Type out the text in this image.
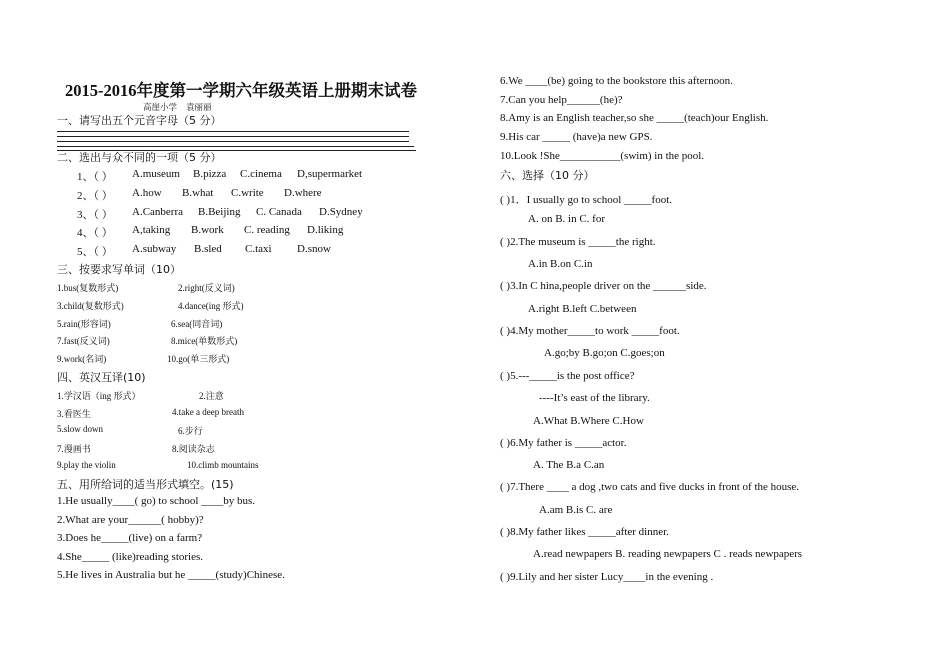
2015-2016年度第一学期六年级英语上册期末试卷
高崖小学 袁丽丽
一、请写出五个元音字母（5 分）
二、选出与众不同的一项（5 分）
1、（ ） A.museum B.pizza C.cinema D,supermarket
2、（ ） A.how B.what C.write D.where
3、（ ） A.Canberra B.Beijing C. Canada D.Sydney
4、（ ） A,taking B.work C. reading D.liking
5、（ ） A.subway B.sled C.taxi D.snow
三、按要求写单词（10）
1.bus(复数形式)	2.right(反义词)
3.child(复数形式)	4.dance(ing 形式)
5.rain(形容词)	6.sea(同音词)
7.fast(反义词)	8.mice(单数形式)
9.work(名词)	10.go(单三形式)
四、英汉互译(10)
1.学汉语（ing 形式）	2.注意
3.看医生	4.take a deep breath
5.slow down	6.步行
7.漫画书	8.阅读杂志
9.play the violin	10.climb mountains
五、用所给词的适当形式填空。(15)
1.He usually____( go) to school ____by bus.
2.What are your______( hobby)?
3.Does he_____(live) on a farm?
4.She_____ (like)reading stories.
5.He lives in Australia but he _____(study)Chinese.
6.We ____(be) going to the bookstore this afternoon.
7.Can you help______(he)?
8.Amy is an English teacher,so she _____(teach)our English.
9.His car _____ (have)a new GPS.
10.Look !She___________(swim) in the pool.
六、选择（10 分）
( )1．I usually go to school _____foot.
A. on B. in C. for
( )2.The museum is _____the right.
A.in B.on C.in
( )3.In C hina,people driver on the ______side.
A.right B.left C.between
( )4.My mother_____to work _____foot.
A.go;by B.go;on C.goes;on
( )5.---_____is the post office?
----It’s east of the library.
A.What B.Where C.How
( )6.My father is _____actor.
A. The B.a C.an
( )7.There ____ a dog ,two cats and five ducks in front of the house.
A.am B.is C. are
( )8.My father likes _____after dinner.
A.read newpapers B. reading newpapers C . reads newpapers
( )9.Lily and her sister Lucy____in the evening .
